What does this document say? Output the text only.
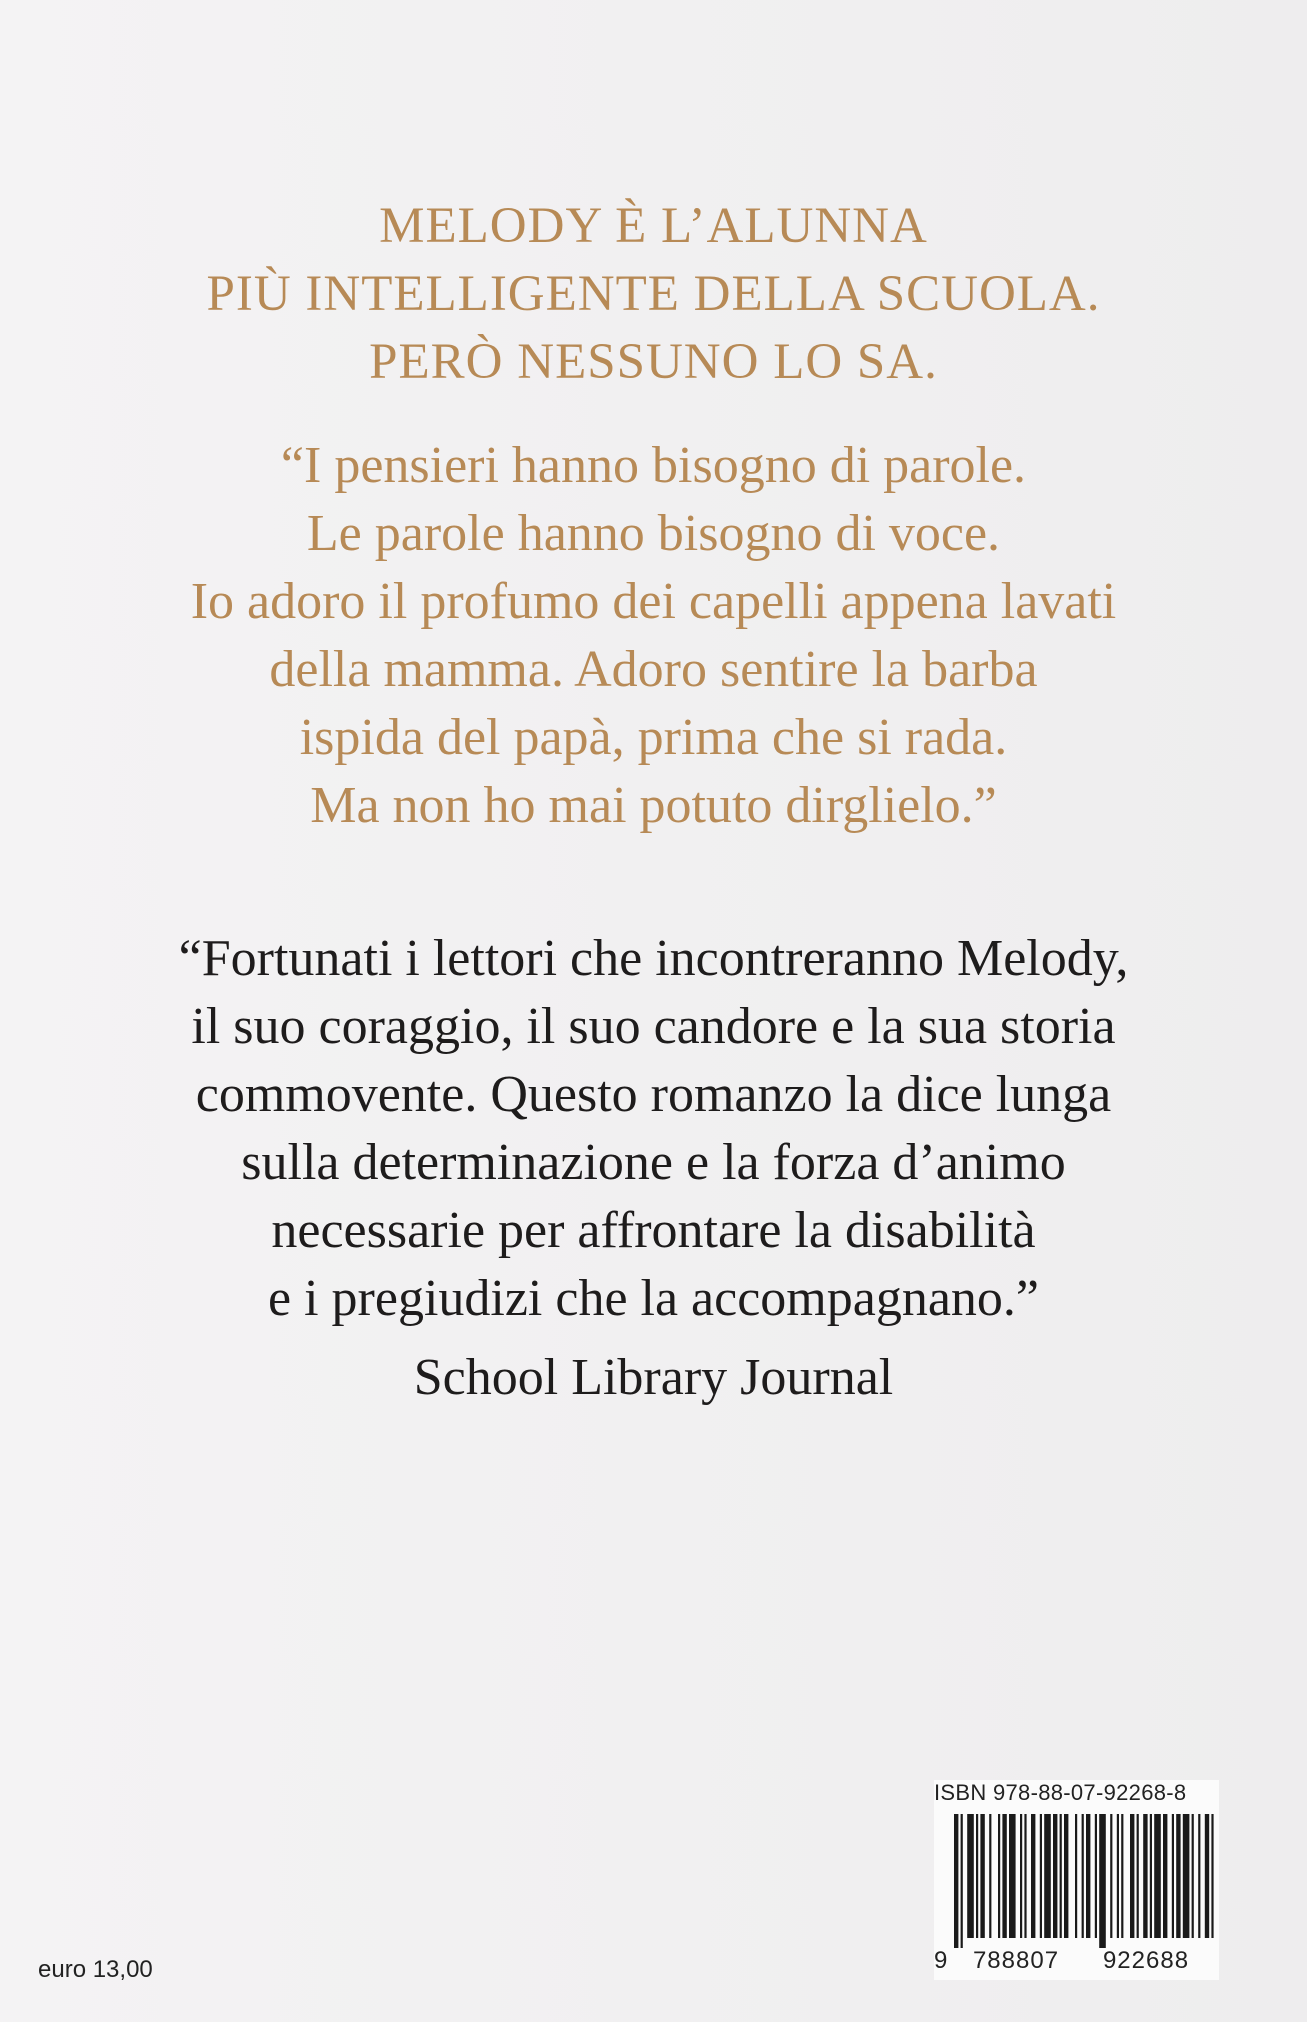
MELODY È L’ALUNNA
PIÙ INTELLIGENTE DELLA SCUOLA.
PERÒ NESSUNO LO SA.
“I pensieri hanno bisogno di parole.
Le parole hanno bisogno di voce.
Io adoro il profumo dei capelli appena lavati
della mamma. Adoro sentire la barba
ispida del papà, prima che si rada.
Ma non ho mai potuto dirglielo.”
“Fortunati i lettori che incontreranno Melody,
il suo coraggio, il suo candore e la sua storia
commovente. Questo romanzo la dice lunga
sulla determinazione e la forza d’animo
necessarie per affrontare la disabilità
e i pregiudizi che la accompagnano.”
School Library Journal
euro 13,00
ISBN 978-88-07-92268-8
9	788807	922688
